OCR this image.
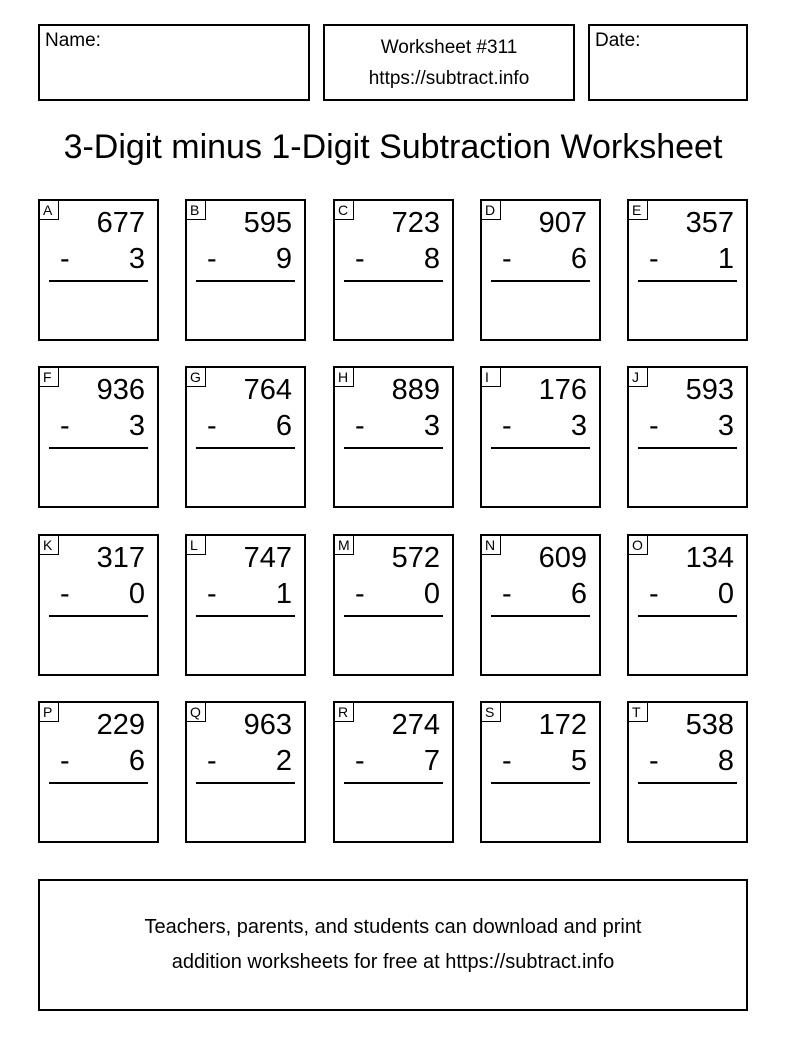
Name:	Worksheet #311
https://subtract.info
Date:
3-Digit minus 1-Digit Subtraction Worksheet
A 677
- 3
B 595
- 9
C 723
- 8
D 907
- 6
E 357
- 1
F 936
- 3
G 764
- 6
H 889
- 3
I	176
- 3
J	593
- 3
K 317
- 0
L 747
- 1
M 572
- 0
N 609
- 6
O 134
- 0
P 229
- 6
Q 963
- 2
R 274
- 7
S 172
- 5
T 538
- 8
Teachers, parents, and students can download and print
addition worksheets for free at https://subtract.info
